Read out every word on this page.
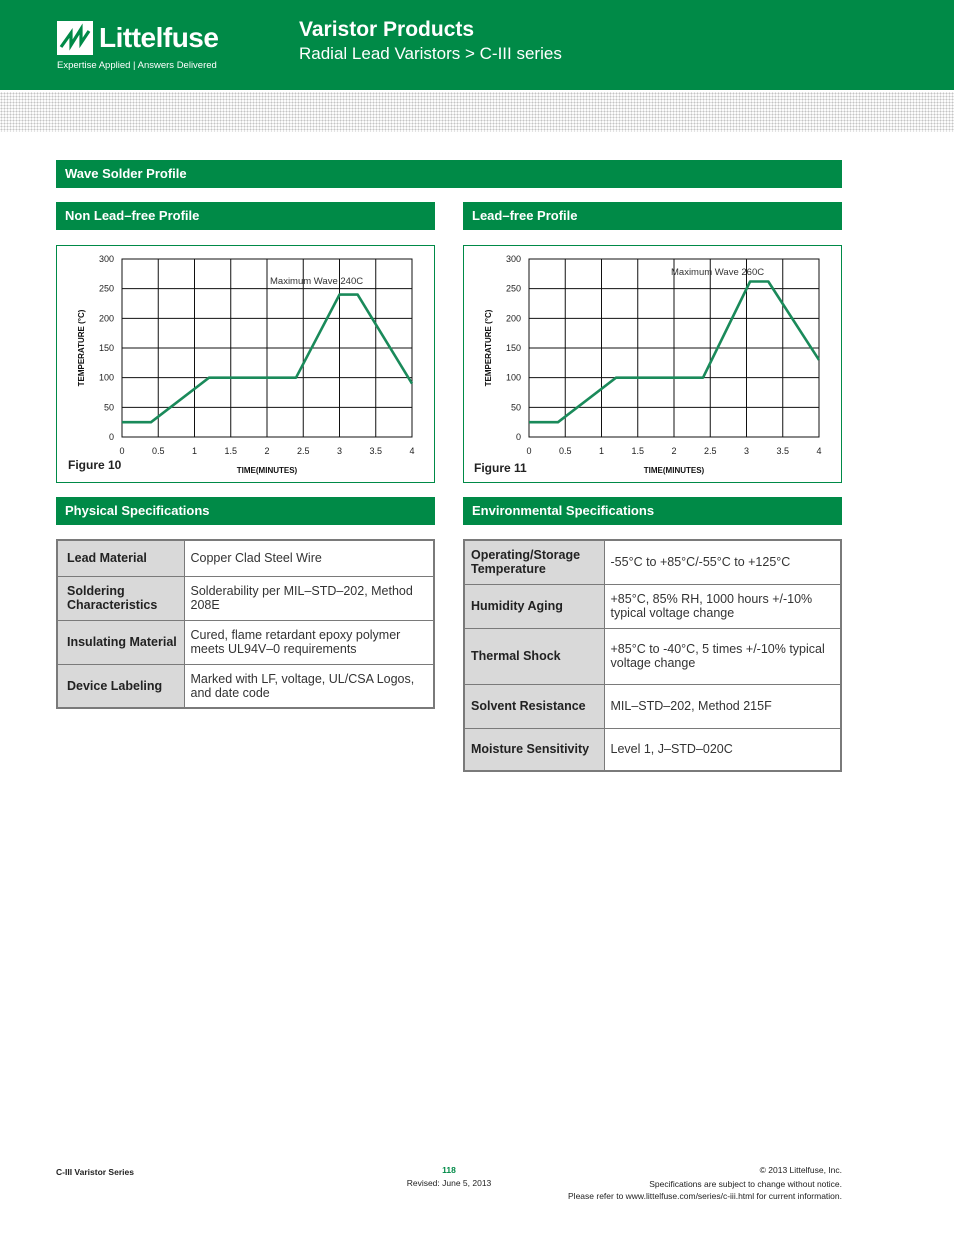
Littelfuse
Expertise Applied | Answers Delivered
Varistor Products
Radial Lead Varistors > C-III series
Wave Solder Profile
Non Lead–free Profile	Lead–free Profile
0
50
100
150
200
250
300
0	0.5	1	1.5	2	2.5	3	3.5	4
Maximum Wave 240C
TIME(MINUTES)
TEMPERATURE (°C)
Figure 10
0
50
100
150
200
250
300
0	0.5	1	1.5	2	2.5	3	3.5	4
Maximum Wave 260C
TIME(MINUTES)
TEMPERATURE (°C)
Figure 11
Physical Specifications	Environmental Specifications
Lead Material	Copper Clad Steel Wire
Soldering Characteristics	Solderability per MIL–STD–202, Method 208E
Insulating Material	Cured, flame retardant epoxy polymer meets UL94V–0 requirements
Device Labeling	Marked with LF, voltage, UL/CSA Logos, and date code
Operating/Storage Temperature	-55°C to +85°C/-55°C to +125°C
Humidity Aging	+85°C, 85% RH, 1000 hours +/-10% typical voltage change
Thermal Shock	+85°C to -40°C, 5 times +/-10% typical voltage change
Solvent Resistance	MIL–STD–202, Method 215F
Moisture Sensitivity	Level 1, J–STD–020C
C-III Varistor Series	118
Revised: June 5, 2013
© 2013 Littelfuse, Inc.
Specifications are subject to change without notice.
Please refer to www.littelfuse.com/series/c-iii.html for current information.
